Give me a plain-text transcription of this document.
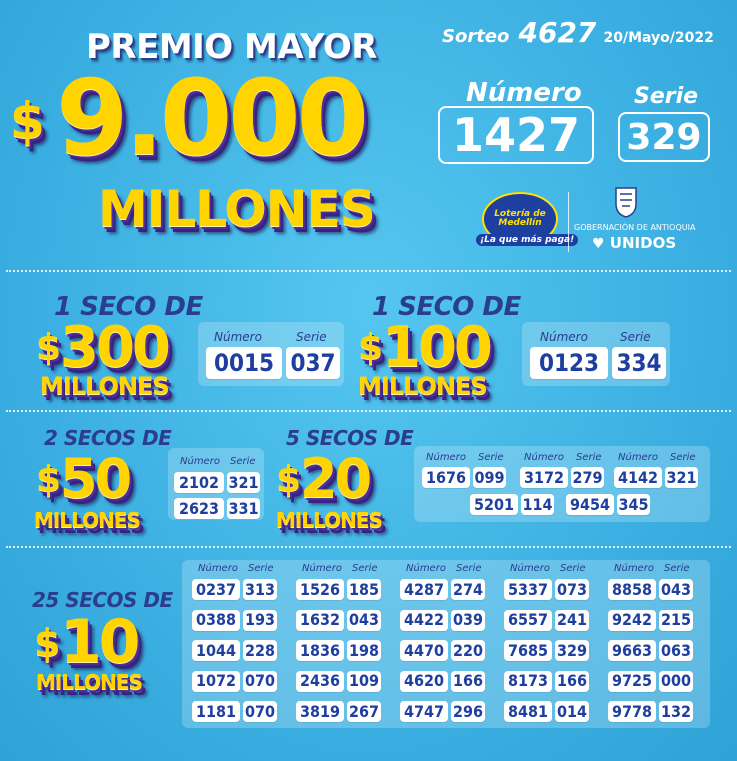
PREMIO MAYOR
$ 9.000
MILLONES
Sorteo 4627 20/Mayo/2022
Número
1427
Serie
329
Lotería de Medellín
¡La que más paga!
GOBERNACIÓN DE ANTIOQUIA
♥ UNIDOS
1 SECO DE
$ 300
MILLONES
Número	Serie
0015 037
1 SECO DE
$ 100
MILLONES
Número	Serie
0123 334
2 SECOS DE
$ 50
MILLONES
Número Serie
2102 321
2623 331
5 SECOS DE
$ 20
MILLONES
Número Serie Número Serie Número Serie
1676 099 3172 279 4142 321
5201 114 9454 345
25 SECOS DE
$ 10
MILLONES
Número Serie
0237 313
0388 193
1044 228
1072 070
1181 070
Número Serie
1526 185
1632 043
1836 198
2436 109
3819 267
Número Serie
4287 274
4422 039
4470 220
4620 166
4747 296
Número Serie
5337 073
6557 241
7685 329
8173 166
8481 014
Número Serie
8858 043
9242 215
9663 063
9725 000
9778 132
